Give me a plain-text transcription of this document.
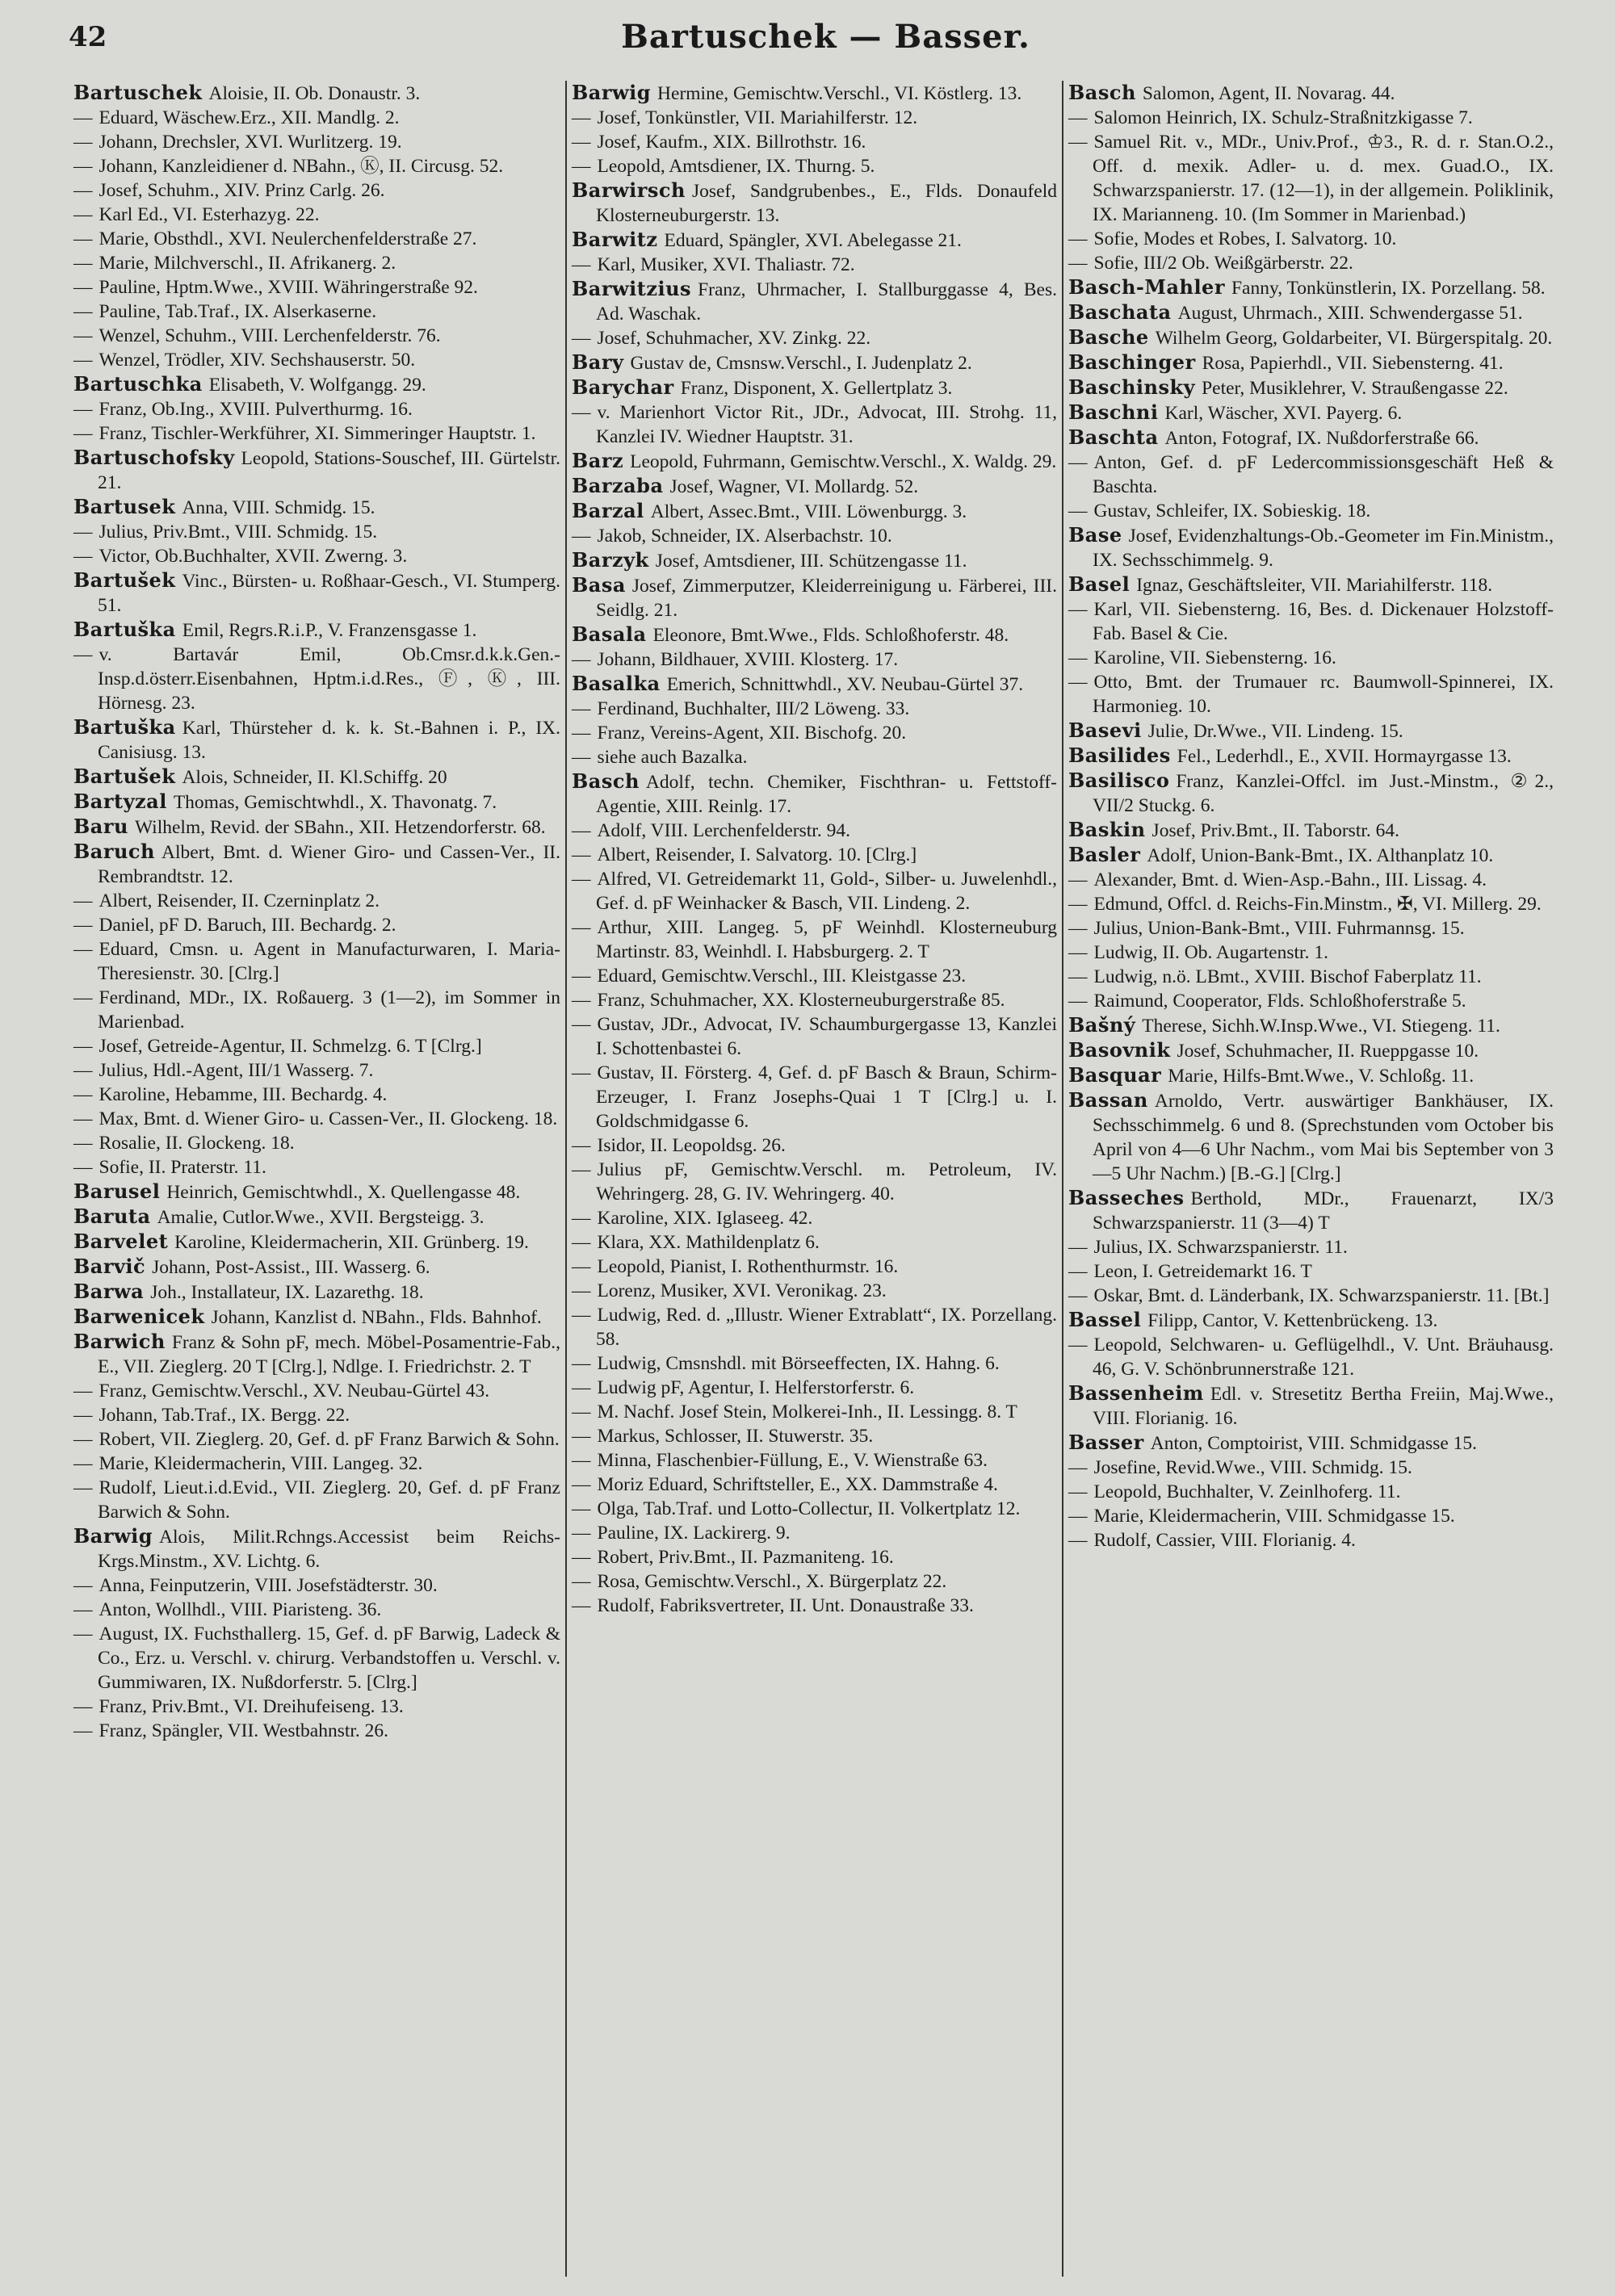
42	Bartuschek — Basser.
Bartuschek Aloisie, II. Ob. Donaustr. 3.
— Eduard, Wäschew.Erz., XII. Mandlg. 2.
— Johann, Drechsler, XVI. Wurlitzerg. 19.
— Johann, Kanzleidiener d. NBahn., Ⓚ, II. Circusg. 52.
— Josef, Schuhm., XIV. Prinz Carlg. 26.
— Karl Ed., VI. Esterhazyg. 22.
— Marie, Obsthdl., XVI. Neulerchenfelderstraße 27.
— Marie, Milchverschl., II. Afrikanerg. 2.
— Pauline, Hptm.Wwe., XVIII. Währingerstraße 92.
— Pauline, Tab.Traf., IX. Alserkaserne.
— Wenzel, Schuhm., VIII. Lerchenfelderstr. 76.
— Wenzel, Trödler, XIV. Sechshauserstr. 50.
Bartuschka Elisabeth, V. Wolfgangg. 29.
— Franz, Ob.Ing., XVIII. Pulverthurmg. 16.
— Franz, Tischler-Werkführer, XI. Simmeringer Hauptstr. 1.
Bartuschofsky Leopold, Stations-Souschef, III. Gürtelstr. 21.
Bartusek Anna, VIII. Schmidg. 15.
— Julius, Priv.Bmt., VIII. Schmidg. 15.
— Victor, Ob.Buchhalter, XVII. Zwerng. 3.
Bartušek Vinc., Bürsten- u. Roßhaar-Gesch., VI. Stumperg. 51.
Bartuška Emil, Regrs.R.i.P., V. Franzensgasse 1.
— v. Bartavár Emil, Ob.Cmsr.d.k.k.Gen.-Insp.d.österr.Eisenbahnen, Hptm.i.d.Res., Ⓕ, Ⓚ, III. Hörnesg. 23.
Bartuška Karl, Thürsteher d. k. k. St.-Bahnen i. P., IX. Canisiusg. 13.
Bartušek Alois, Schneider, II. Kl.Schiffg. 20
Bartyzal Thomas, Gemischtwhdl., X. Thavonatg. 7.
Baru Wilhelm, Revid. der SBahn., XII. Hetzendorferstr. 68.
Baruch Albert, Bmt. d. Wiener Giro- und Cassen-Ver., II. Rembrandtstr. 12.
— Albert, Reisender, II. Czerninplatz 2.
— Daniel, pF D. Baruch, III. Bechardg. 2.
— Eduard, Cmsn. u. Agent in Manufacturwaren, I. Maria-Theresienstr. 30. [Clrg.]
— Ferdinand, MDr., IX. Roßauerg. 3 (1—2), im Sommer in Marienbad.
— Josef, Getreide-Agentur, II. Schmelzg. 6. T [Clrg.]
— Julius, Hdl.-Agent, III/1 Wasserg. 7.
— Karoline, Hebamme, III. Bechardg. 4.
— Max, Bmt. d. Wiener Giro- u. Cassen-Ver., II. Glockeng. 18.
— Rosalie, II. Glockeng. 18.
— Sofie, II. Praterstr. 11.
Barusel Heinrich, Gemischtwhdl., X. Quellengasse 48.
Baruta Amalie, Cutlor.Wwe., XVII. Bergsteigg. 3.
Barvelet Karoline, Kleidermacherin, XII. Grünberg. 19.
Barvič Johann, Post-Assist., III. Wasserg. 6.
Barwa Joh., Installateur, IX. Lazarethg. 18.
Barwenicek Johann, Kanzlist d. NBahn., Flds. Bahnhof.
Barwich Franz & Sohn pF, mech. Möbel-Posamentrie-Fab., E., VII. Zieglerg. 20 T [Clrg.], Ndlge. I. Friedrichstr. 2. T
— Franz, Gemischtw.Verschl., XV. Neubau-Gürtel 43.
— Johann, Tab.Traf., IX. Bergg. 22.
— Robert, VII. Zieglerg. 20, Gef. d. pF Franz Barwich & Sohn.
— Marie, Kleidermacherin, VIII. Langeg. 32.
— Rudolf, Lieut.i.d.Evid., VII. Zieglerg. 20, Gef. d. pF Franz Barwich & Sohn.
Barwig Alois, Milit.Rchngs.Accessist beim Reichs-Krgs.Minstm., XV. Lichtg. 6.
— Anna, Feinputzerin, VIII. Josefstädterstr. 30.
— Anton, Wollhdl., VIII. Piaristeng. 36.
— August, IX. Fuchsthallerg. 15, Gef. d. pF Barwig, Ladeck & Co., Erz. u. Verschl. v. chirurg. Verbandstoffen u. Verschl. v. Gummiwaren, IX. Nußdorferstr. 5. [Clrg.]
— Franz, Priv.Bmt., VI. Dreihufeiseng. 13.
— Franz, Spängler, VII. Westbahnstr. 26.
Barwig Hermine, Gemischtw.Verschl., VI. Köstlerg. 13.
— Josef, Tonkünstler, VII. Mariahilferstr. 12.
— Josef, Kaufm., XIX. Billrothstr. 16.
— Leopold, Amtsdiener, IX. Thurng. 5.
Barwirsch Josef, Sandgrubenbes., E., Flds. Donaufeld Klosterneuburgerstr. 13.
Barwitz Eduard, Spängler, XVI. Abelegasse 21.
— Karl, Musiker, XVI. Thaliastr. 72.
Barwitzius Franz, Uhrmacher, I. Stallburggasse 4, Bes. Ad. Waschak.
— Josef, Schuhmacher, XV. Zinkg. 22.
Bary Gustav de, Cmsnsw.Verschl., I. Judenplatz 2.
Barychar Franz, Disponent, X. Gellertplatz 3.
— v. Marienhort Victor Rit., JDr., Advocat, III. Strohg. 11, Kanzlei IV. Wiedner Hauptstr. 31.
Barz Leopold, Fuhrmann, Gemischtw.Verschl., X. Waldg. 29.
Barzaba Josef, Wagner, VI. Mollardg. 52.
Barzal Albert, Assec.Bmt., VIII. Löwenburgg. 3.
— Jakob, Schneider, IX. Alserbachstr. 10.
Barzyk Josef, Amtsdiener, III. Schützengasse 11.
Basa Josef, Zimmerputzer, Kleiderreinigung u. Färberei, III. Seidlg. 21.
Basala Eleonore, Bmt.Wwe., Flds. Schloßhoferstr. 48.
— Johann, Bildhauer, XVIII. Klosterg. 17.
Basalka Emerich, Schnittwhdl., XV. Neubau-Gürtel 37.
— Ferdinand, Buchhalter, III/2 Löweng. 33.
— Franz, Vereins-Agent, XII. Bischofg. 20.
— siehe auch Bazalka.
Basch Adolf, techn. Chemiker, Fischthran- u. Fettstoff-Agentie, XIII. Reinlg. 17.
— Adolf, VIII. Lerchenfelderstr. 94.
— Albert, Reisender, I. Salvatorg. 10. [Clrg.]
— Alfred, VI. Getreidemarkt 11, Gold-, Silber- u. Juwelenhdl., Gef. d. pF Weinhacker & Basch, VII. Lindeng. 2.
— Arthur, XIII. Langeg. 5, pF Weinhdl. Klosterneuburg Martinstr. 83, Weinhdl. I. Habsburgerg. 2. T
— Eduard, Gemischtw.Verschl., III. Kleistgasse 23.
— Franz, Schuhmacher, XX. Klosterneuburgerstraße 85.
— Gustav, JDr., Advocat, IV. Schaumburgergasse 13, Kanzlei I. Schottenbastei 6.
— Gustav, II. Försterg. 4, Gef. d. pF Basch & Braun, Schirm-Erzeuger, I. Franz Josephs-Quai 1 T [Clrg.] u. I. Goldschmidgasse 6.
— Isidor, II. Leopoldsg. 26.
— Julius pF, Gemischtw.Verschl. m. Petroleum, IV. Wehringerg. 28, G. IV. Wehringerg. 40.
— Karoline, XIX. Iglaseeg. 42.
— Klara, XX. Mathildenplatz 6.
— Leopold, Pianist, I. Rothenthurmstr. 16.
— Lorenz, Musiker, XVI. Veronikag. 23.
— Ludwig, Red. d. „Illustr. Wiener Extrablatt“, IX. Porzellang. 58.
— Ludwig, Cmsnshdl. mit Börseeffecten, IX. Hahng. 6.
— Ludwig pF, Agentur, I. Helferstorferstr. 6.
— M. Nachf. Josef Stein, Molkerei-Inh., II. Lessingg. 8. T
— Markus, Schlosser, II. Stuwerstr. 35.
— Minna, Flaschenbier-Füllung, E., V. Wienstraße 63.
— Moriz Eduard, Schriftsteller, E., XX. Dammstraße 4.
— Olga, Tab.Traf. und Lotto-Collectur, II. Volkertplatz 12.
— Pauline, IX. Lackirerg. 9.
— Robert, Priv.Bmt., II. Pazmaniteng. 16.
— Rosa, Gemischtw.Verschl., X. Bürgerplatz 22.
— Rudolf, Fabriksvertreter, II. Unt. Donaustraße 33.
Basch Salomon, Agent, II. Novarag. 44.
— Salomon Heinrich, IX. Schulz-Straßnitzkigasse 7.
— Samuel Rit. v., MDr., Univ.Prof., ♔3., R. d. r. Stan.O.2., Off. d. mexik. Adler- u. d. mex. Guad.O., IX. Schwarzspanierstr. 17. (12—1), in der allgemein. Poliklinik, IX. Mariannеng. 10. (Im Sommer in Marienbad.)
— Sofie, Modes et Robes, I. Salvatorg. 10.
— Sofie, III/2 Ob. Weißgärberstr. 22.
Basch-Mahler Fanny, Tonkünstlerin, IX. Porzellang. 58.
Baschata August, Uhrmach., XIII. Schwendergasse 51.
Basche Wilhelm Georg, Goldarbeiter, VI. Bürgerspitalg. 20.
Baschinger Rosa, Papierhdl., VII. Siebensterng. 41.
Baschinsky Peter, Musiklehrer, V. Straußengasse 22.
Baschni Karl, Wäscher, XVI. Payerg. 6.
Baschta Anton, Fotograf, IX. Nußdorferstraße 66.
— Anton, Gef. d. pF Ledercommissionsgeschäft Heß & Baschta.
— Gustav, Schleifer, IX. Sobieskig. 18.
Base Josef, Evidenzhaltungs-Ob.-Geometer im Fin.Ministm., IX. Sechsschimmelg. 9.
Basel Ignaz, Geschäftsleiter, VII. Mariahilferstr. 118.
— Karl, VII. Siebensterng. 16, Bes. d. Dickenauer Holzstoff-Fab. Basel & Cie.
— Karoline, VII. Siebensterng. 16.
— Otto, Bmt. der Trumauer rc. Baumwoll-Spinnerei, IX. Harmonieg. 10.
Basevi Julie, Dr.Wwe., VII. Lindeng. 15.
Basilides Fel., Lederhdl., E., XVII. Hormayrgasse 13.
Basilisco Franz, Kanzlei-Offcl. im Just.-Minstm., ②2., VII/2 Stuckg. 6.
Baskin Josef, Priv.Bmt., II. Taborstr. 64.
Basler Adolf, Union-Bank-Bmt., IX. Althanplatz 10.
— Alexander, Bmt. d. Wien-Asp.-Bahn., III. Lissag. 4.
— Edmund, Offcl. d. Reichs-Fin.Minstm., ✠, VI. Millerg. 29.
— Julius, Union-Bank-Bmt., VIII. Fuhrmannsg. 15.
— Ludwig, II. Ob. Augartenstr. 1.
— Ludwig, n.ö. LBmt., XVIII. Bischof Faberplatz 11.
— Raimund, Cooperator, Flds. Schloßhoferstraße 5.
Bašný Therese, Sichh.W.Insp.Wwe., VI. Stiegeng. 11.
Basovnik Josef, Schuhmacher, II. Rueppgasse 10.
Basquar Marie, Hilfs-Bmt.Wwe., V. Schloßg. 11.
Bassan Arnoldo, Vertr. auswärtiger Bankhäuser, IX. Sechsschimmelg. 6 und 8. (Sprechstunden vom October bis April von 4—6 Uhr Nachm., vom Mai bis September von 3—5 Uhr Nachm.) [B.-G.] [Clrg.]
Basseches Berthold, MDr., Frauenarzt, IX/3 Schwarzspanierstr. 11 (3—4) T
— Julius, IX. Schwarzspanierstr. 11.
— Leon, I. Getreidemarkt 16. T
— Oskar, Bmt. d. Länderbank, IX. Schwarzspanierstr. 11. [Bt.]
Bassel Filipp, Cantor, V. Kettenbrückeng. 13.
— Leopold, Selchwaren- u. Geflügelhdl., V. Unt. Bräuhausg. 46, G. V. Schönbrunnerstraße 121.
Bassenheim Edl. v. Stresetitz Bertha Freiin, Maj.Wwe., VIII. Florianig. 16.
Basser Anton, Comptoirist, VIII. Schmidgasse 15.
— Josefine, Revid.Wwe., VIII. Schmidg. 15.
— Leopold, Buchhalter, V. Zeinlhoferg. 11.
— Marie, Kleidermacherin, VIII. Schmidgasse 15.
— Rudolf, Cassier, VIII. Florianig. 4.
